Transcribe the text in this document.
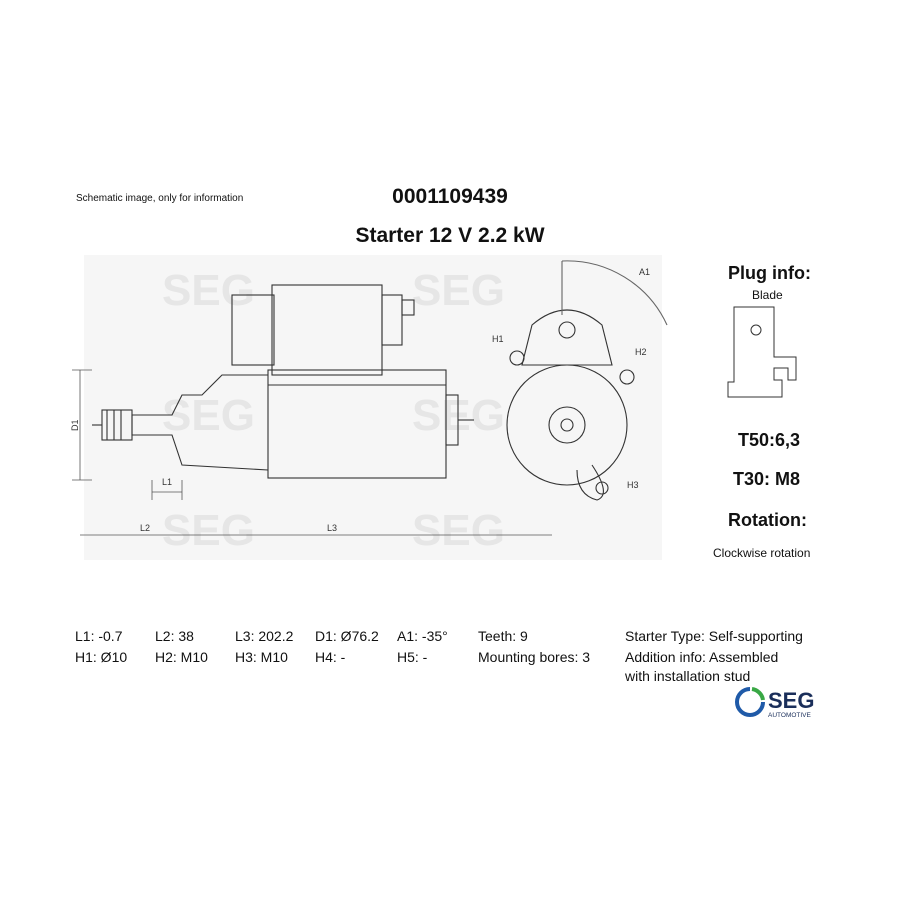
Schematic image, only for information	0001109439
Starter 12 V 2.2 kW
SEG	SEG
SEG	SEG
SEG	SEG
A1
H1
H2
H3
D1
L1
L2	L3
Plug info:
Blade
T50:6,3
T30: M8
Rotation:
Clockwise rotation
L1: -0.7 L2: 38	L3: 202.2 D1: Ø76.2 A1: -35° Teeth: 9	Starter Type: Self-supporting
H1: Ø10 H2: M10 H3: M10 H4: -	H5: -	Mounting bores: 3 Addition info: Assembled
with installation stud
SEG
AUTOMOTIVE
